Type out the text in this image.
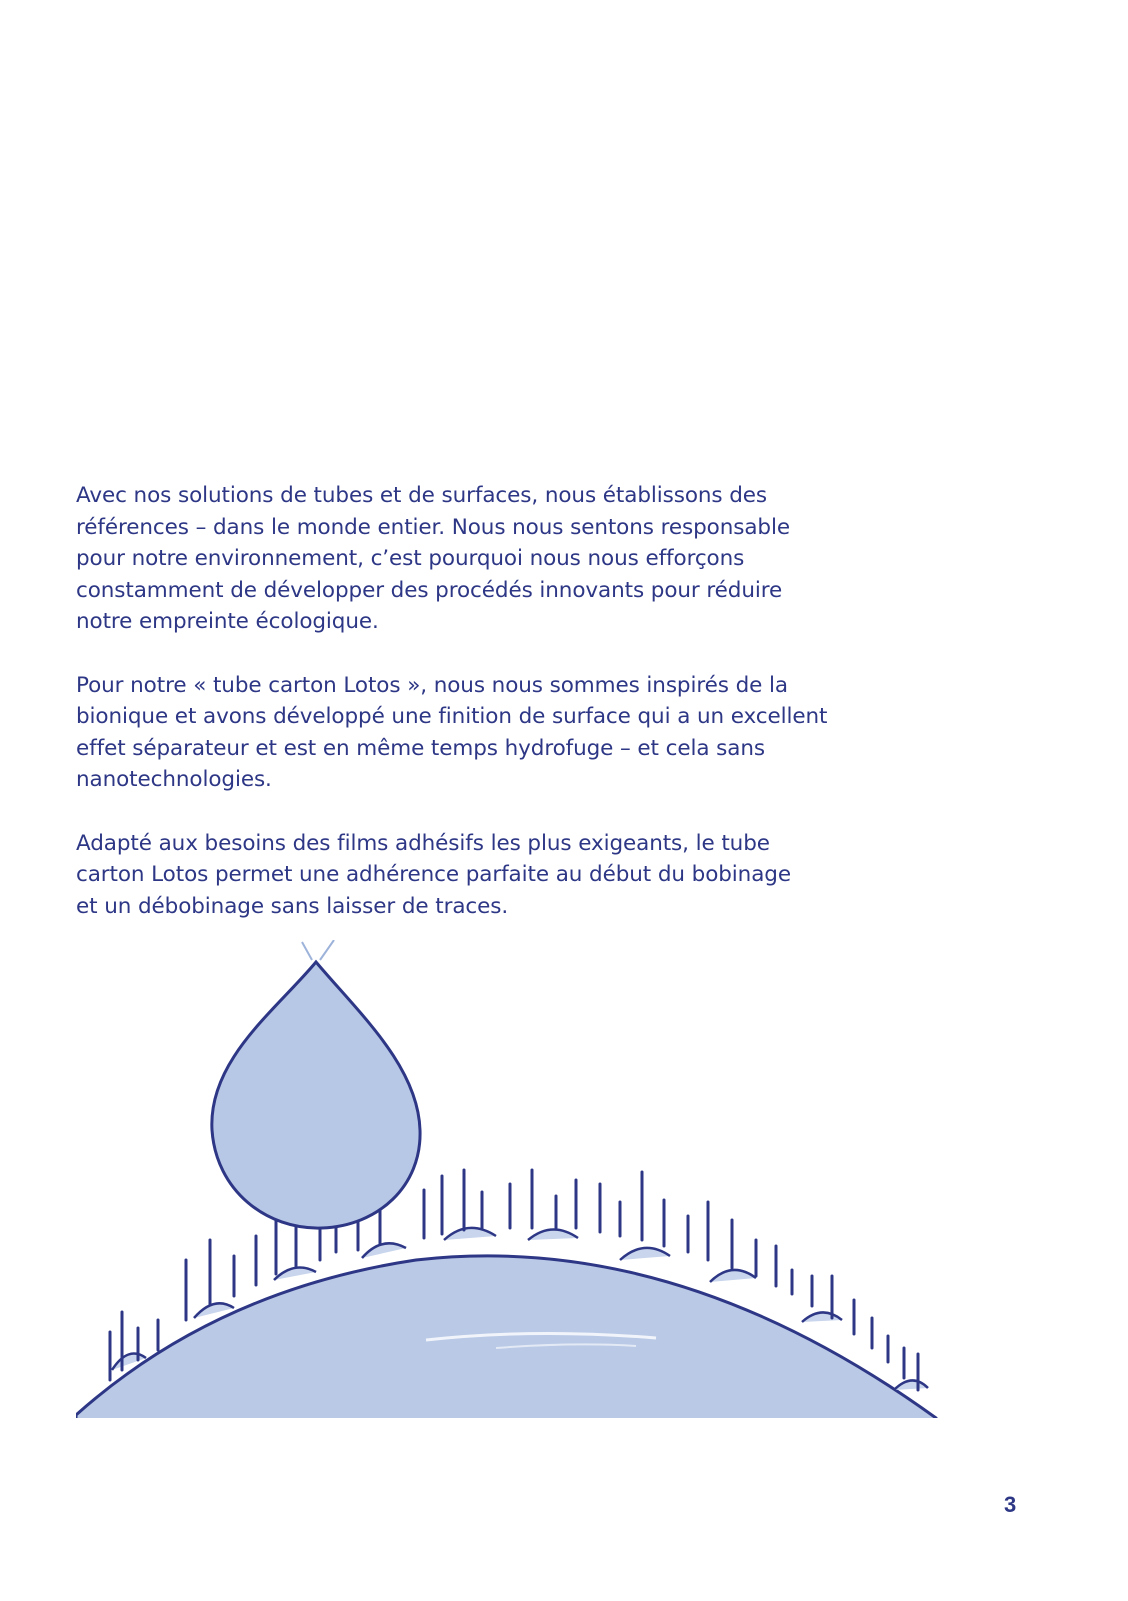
Avec nos solutions de tubes et de surfaces, nous établissons des
références – dans le monde entier. Nous nous sentons responsable
pour notre environnement, c’est pourquoi nous nous efforçons
constamment de développer des procédés innovants pour réduire
notre empreinte écologique.

Pour notre « tube carton Lotos », nous nous sommes inspirés de la
bionique et avons développé une finition de surface qui a un excellent
effet séparateur et est en même temps hydrofuge – et cela sans
nanotechnologies.

Adapté aux besoins des films adhésifs les plus exigeants, le tube
carton Lotos permet une adhérence parfaite au début du bobinage
et un débobinage sans laisser de traces.

3
